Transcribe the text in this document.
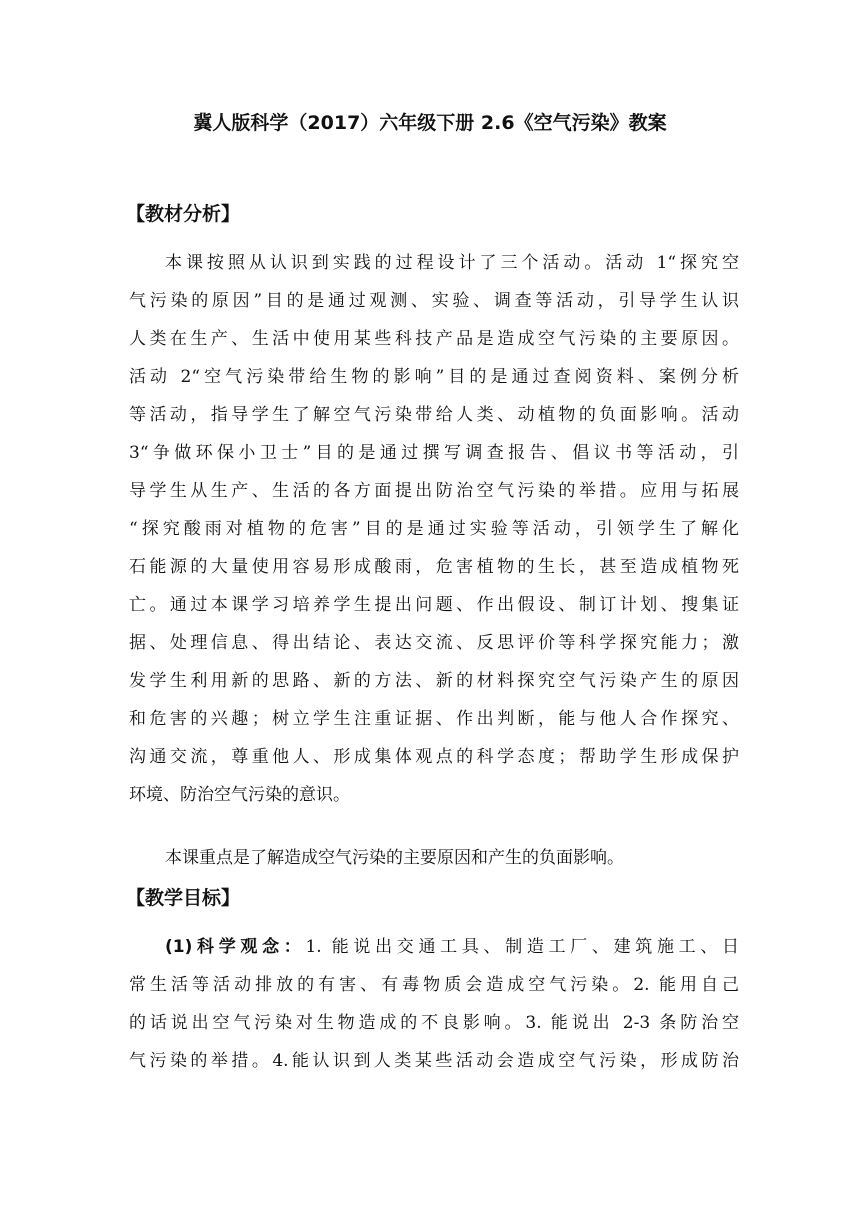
冀人版科学（2017）六年级下册 2.6《空气污染》教案
【教材分析】
本课按照从认识到实践的过程设计了三个活动。活动 1“探究空
气污染的原因”目的是通过观测、实验、调查等活动，引导学生认识
人类在生产、生活中使用某些科技产品是造成空气污染的主要原因。
活动 2“空气污染带给生物的影响”目的是通过查阅资料、案例分析
等活动，指导学生了解空气污染带给人类、动植物的负面影响。活动
3“争做环保小卫士”目的是通过撰写调查报告、倡议书等活动，引
导学生从生产、生活的各方面提出防治空气污染的举措。应用与拓展
“探究酸雨对植物的危害”目的是通过实验等活动，引领学生了解化
石能源的大量使用容易形成酸雨，危害植物的生长，甚至造成植物死
亡。通过本课学习培养学生提出问题、作出假设、制订计划、搜集证
据、处理信息、得出结论、表达交流、反思评价等科学探究能力；激
发学生利用新的思路、新的方法、新的材料探究空气污染产生的原因
和危害的兴趣；树立学生注重证据、作出判断，能与他人合作探究、
沟通交流，尊重他人、形成集体观点的科学态度；帮助学生形成保护
环境、防治空气污染的意识。

本课重点是了解造成空气污染的主要原因和产生的负面影响。

【教学目标】
(1)科学观念：1. 能说出交通工具、制造工厂、建筑施工、日
常生活等活动排放的有害、有毒物质会造成空气污染。2. 能用自己
的话说出空气污染对生物造成的不良影响。3. 能说出 2-3 条防治空
气污染的举措。4.能认识到人类某些活动会造成空气污染，形成防治
